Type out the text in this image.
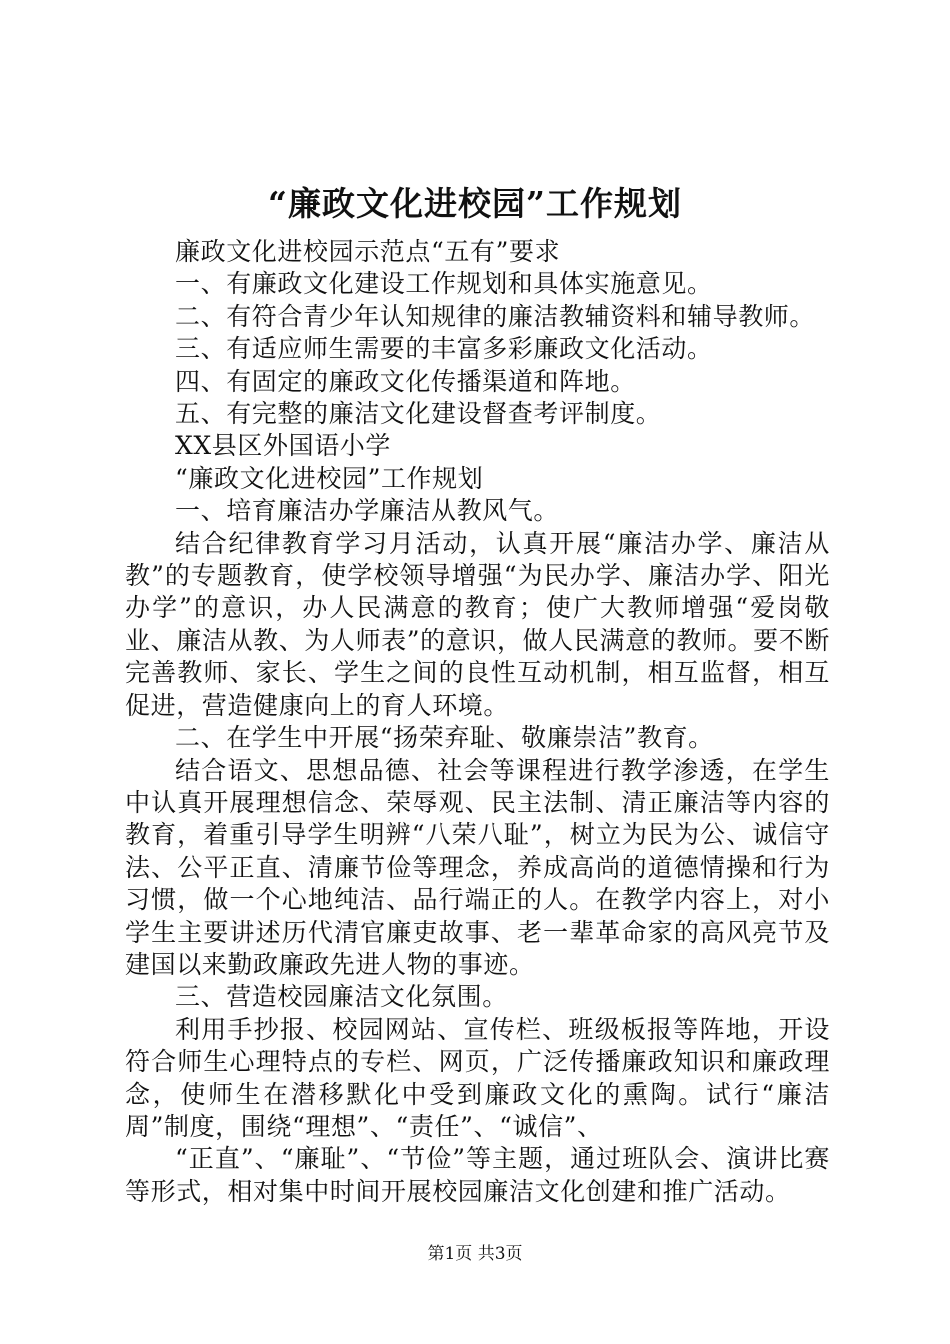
“廉政文化进校园”工作规划

廉政文化进校园示范点“五有”要求

一、有廉政文化建设工作规划和具体实施意见。

二、有符合青少年认知规律的廉洁教辅资料和辅导教师。

三、有适应师生需要的丰富多彩廉政文化活动。

四、有固定的廉政文化传播渠道和阵地。

五、有完整的廉洁文化建设督查考评制度。

XX县区外国语小学

“廉政文化进校园”工作规划

一、培育廉洁办学廉洁从教风气。

结合纪律教育学习月活动，认真开展“廉洁办学、廉洁从教”的专题教育，使学校领导增强“为民办学、廉洁办学、阳光办学”的意识，办人民满意的教育；使广大教师增强“爱岗敬业、廉洁从教、为人师表”的意识，做人民满意的教师。要不断完善教师、家长、学生之间的良性互动机制，相互监督，相互促进，营造健康向上的育人环境。

二、在学生中开展“扬荣弃耻、敬廉崇洁”教育。

结合语文、思想品德、社会等课程进行教学渗透，在学生中认真开展理想信念、荣辱观、民主法制、清正廉洁等内容的教育，着重引导学生明辨“八荣八耻”，树立为民为公、诚信守法、公平正直、清廉节俭等理念，养成高尚的道德情操和行为习惯，做一个心地纯洁、品行端正的人。在教学内容上，对小学生主要讲述历代清官廉吏故事、老一辈革命家的高风亮节及建国以来勤政廉政先进人物的事迹。

三、营造校园廉洁文化氛围。

利用手抄报、校园网站、宣传栏、班级板报等阵地，开设符合师生心理特点的专栏、网页，广泛传播廉政知识和廉政理念，使师生在潜移默化中受到廉政文化的熏陶。试行“廉洁周”制度，围绕“理想”、“责任”、“诚信”、

“正直”、“廉耻”、“节俭”等主题，通过班队会、演讲比赛等形式，相对集中时间开展校园廉洁文化创建和推广活动。

第1页 共3页
